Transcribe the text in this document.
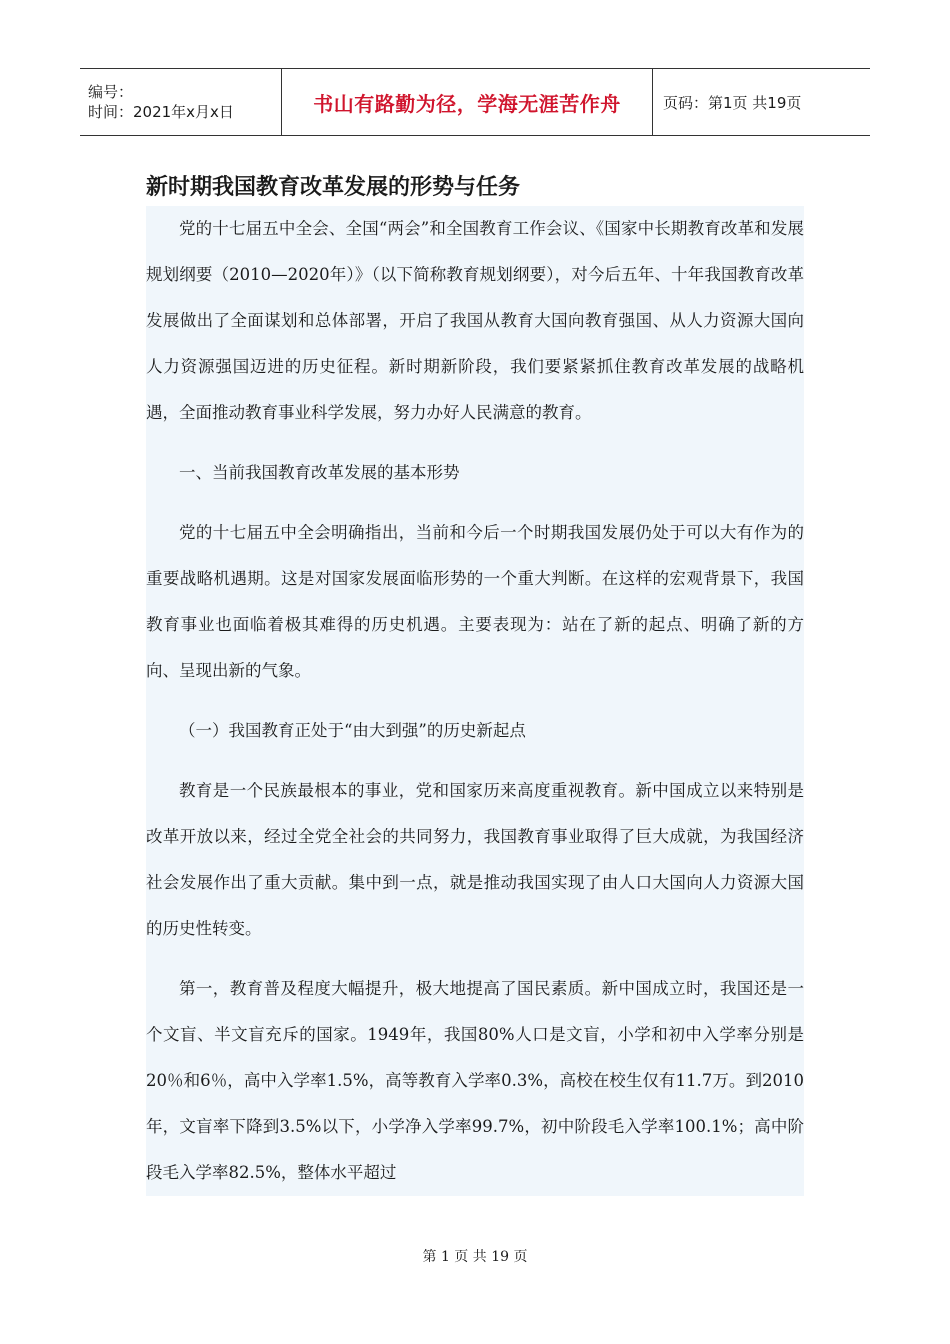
编号：
时间：2021年x月x日	书山有路勤为径，学海无涯苦作舟	页码：第1页 共19页
新时期我国教育改革发展的形势与任务

党的十七届五中全会、全国“两会”和全国教育工作会议、《国家中长期教育改革和发展规划纲要（2010—2020年）》（以下简称教育规划纲要），对今后五年、十年我国教育改革发展做出了全面谋划和总体部署，开启了我国从教育大国向教育强国、从人力资源大国向人力资源强国迈进的历史征程。新时期新阶段，我们要紧紧抓住教育改革发展的战略机遇，全面推动教育事业科学发展，努力办好人民满意的教育。

一、当前我国教育改革发展的基本形势

党的十七届五中全会明确指出，当前和今后一个时期我国发展仍处于可以大有作为的重要战略机遇期。这是对国家发展面临形势的一个重大判断。在这样的宏观背景下，我国教育事业也面临着极其难得的历史机遇。主要表现为：站在了新的起点、明确了新的方向、呈现出新的气象。

（一）我国教育正处于“由大到强”的历史新起点

教育是一个民族最根本的事业，党和国家历来高度重视教育。新中国成立以来特别是改革开放以来，经过全党全社会的共同努力，我国教育事业取得了巨大成就，为我国经济社会发展作出了重大贡献。集中到一点，就是推动我国实现了由人口大国向人力资源大国的历史性转变。

第一，教育普及程度大幅提升，极大地提高了国民素质。新中国成立时，我国还是一个文盲、半文盲充斥的国家。1949年，我国80%人口是文盲，小学和初中入学率分别是20％和6％，高中入学率1.5%，高等教育入学率0.3%，高校在校生仅有11.7万。到2010年，文盲率下降到3.5%以下，小学净入学率99.7%，初中阶段毛入学率100.1%；高中阶段毛入学率82.5%，整体水平超过

第 1 页 共 19 页
